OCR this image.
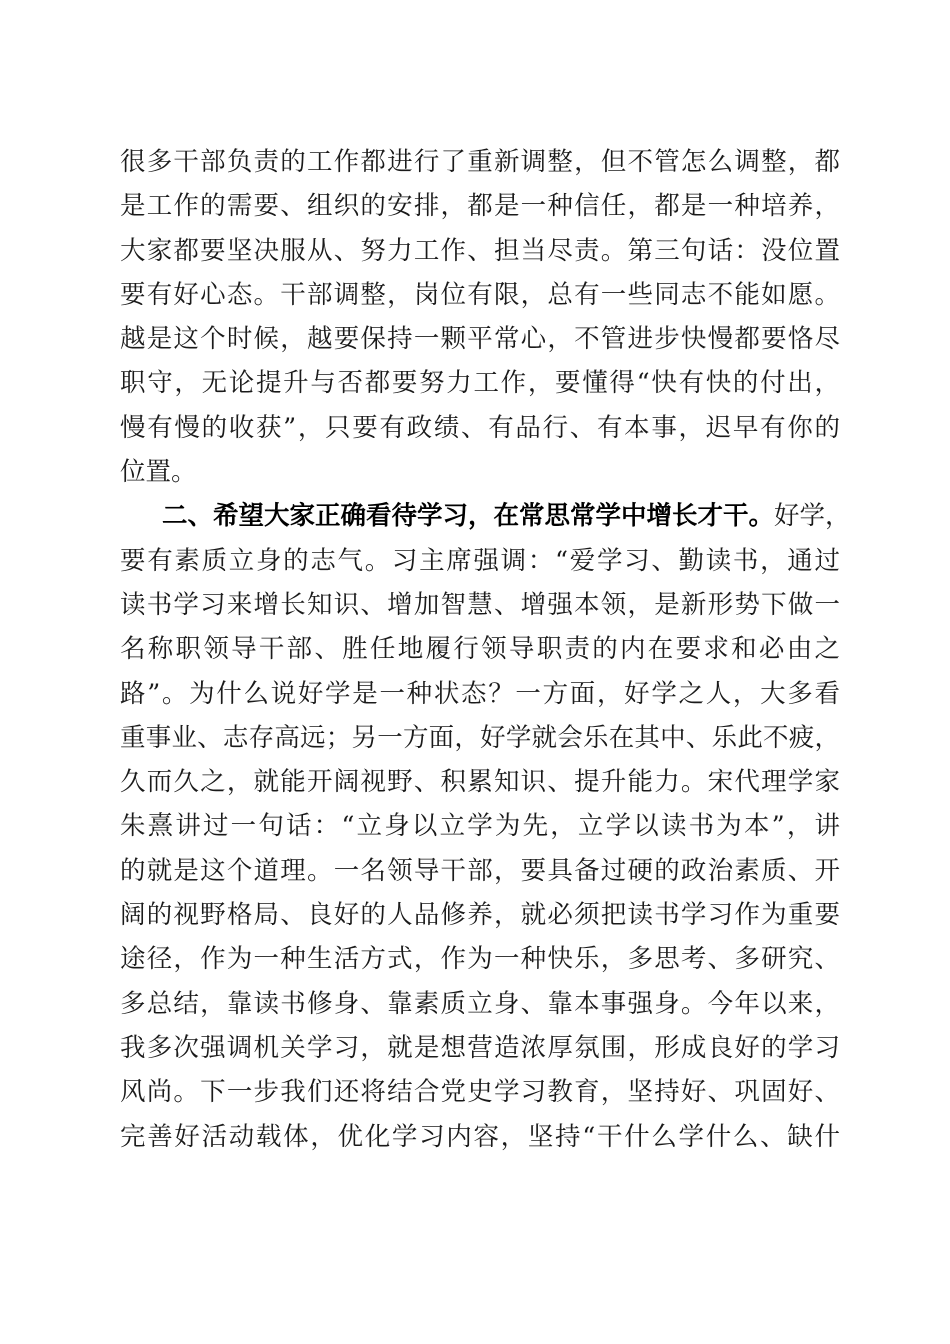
很多干部负责的工作都进行了重新调整，但不管怎么调整，都
是工作的需要、组织的安排，都是一种信任，都是一种培养，
大家都要坚决服从、努力工作、担当尽责。第三句话：没位置
要有好心态。干部调整，岗位有限，总有一些同志不能如愿。
越是这个时候，越要保持一颗平常心，不管进步快慢都要恪尽
职守，无论提升与否都要努力工作，要懂得“快有快的付出，
慢有慢的收获”，只要有政绩、有品行、有本事，迟早有你的
位置。
二、希望大家正确看待学习，在常思常学中增长才干。好学，
要有素质立身的志气。习主席强调：“爱学习、勤读书，通过
读书学习来增长知识、增加智慧、增强本领，是新形势下做一
名称职领导干部、胜任地履行领导职责的内在要求和必由之
路”。为什么说好学是一种状态？一方面，好学之人，大多看
重事业、志存高远；另一方面，好学就会乐在其中、乐此不疲，
久而久之，就能开阔视野、积累知识、提升能力。宋代理学家
朱熹讲过一句话：“立身以立学为先，立学以读书为本”，讲
的就是这个道理。一名领导干部，要具备过硬的政治素质、开
阔的视野格局、良好的人品修养，就必须把读书学习作为重要
途径，作为一种生活方式，作为一种快乐，多思考、多研究、
多总结，靠读书修身、靠素质立身、靠本事强身。今年以来，
我多次强调机关学习，就是想营造浓厚氛围，形成良好的学习
风尚。下一步我们还将结合党史学习教育，坚持好、巩固好、
完善好活动载体，优化学习内容，坚持“干什么学什么、缺什
